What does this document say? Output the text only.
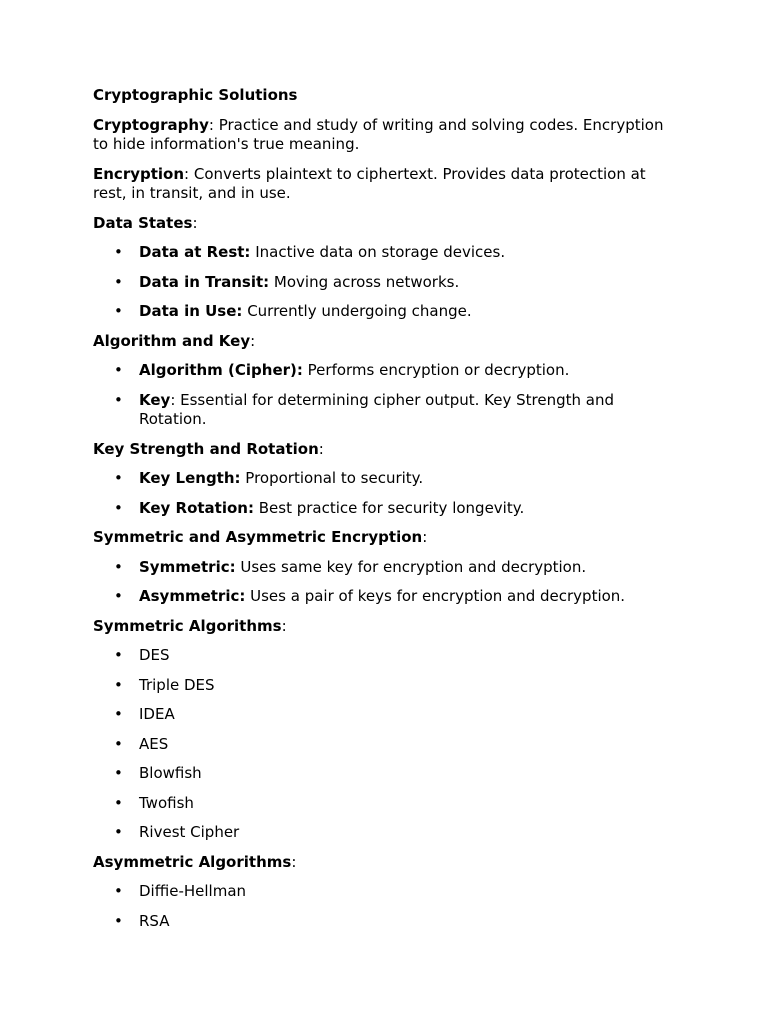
Cryptographic Solutions

Cryptography: Practice and study of writing and solving codes. Encryption to hide information's true meaning.

Encryption: Converts plaintext to ciphertext. Provides data protection at rest, in transit, and in use.

Data States:
• Data at Rest: Inactive data on storage devices.
• Data in Transit: Moving across networks.
• Data in Use: Currently undergoing change.
Algorithm and Key:
• Algorithm (Cipher): Performs encryption or decryption.
• Key: Essential for determining cipher output. Key Strength and Rotation.
Key Strength and Rotation:
• Key Length: Proportional to security.
• Key Rotation: Best practice for security longevity.
Symmetric and Asymmetric Encryption:
• Symmetric: Uses same key for encryption and decryption.
• Asymmetric: Uses a pair of keys for encryption and decryption.
Symmetric Algorithms:
• DES
• Triple DES
• IDEA
• AES
• Blowfish
• Twofish
• Rivest Cipher
Asymmetric Algorithms:
• Diffie-Hellman
• RSA
